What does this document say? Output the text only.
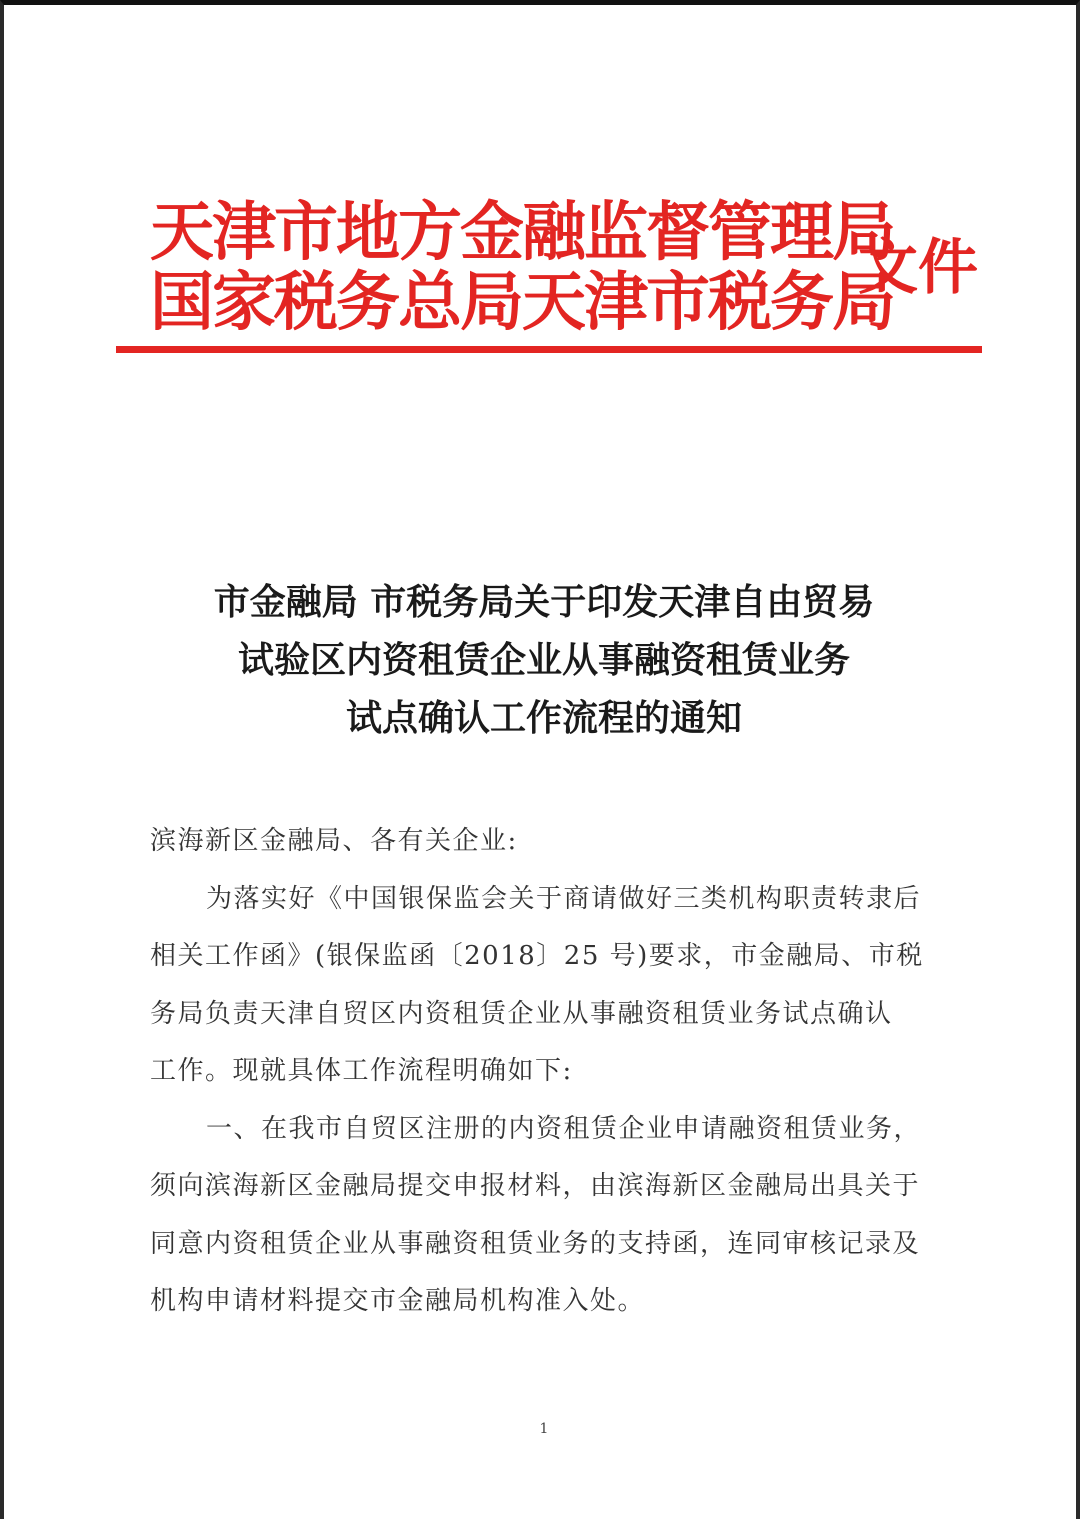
天津市地方金融监督管理局
国家税务总局天津市税务局
文件
市金融局 市税务局关于印发天津自由贸易
试验区内资租赁企业从事融资租赁业务
试点确认工作流程的通知
滨海新区金融局、各有关企业:
为落实好《中国银保监会关于商请做好三类机构职责转隶后
相关工作函》(银保监函〔2018〕25 号)要求，市金融局、市税
务局负责天津自贸区内资租赁企业从事融资租赁业务试点确认
工作。现就具体工作流程明确如下:
一、在我市自贸区注册的内资租赁企业申请融资租赁业务，
须向滨海新区金融局提交申报材料，由滨海新区金融局出具关于
同意内资租赁企业从事融资租赁业务的支持函，连同审核记录及
机构申请材料提交市金融局机构准入处。
1
